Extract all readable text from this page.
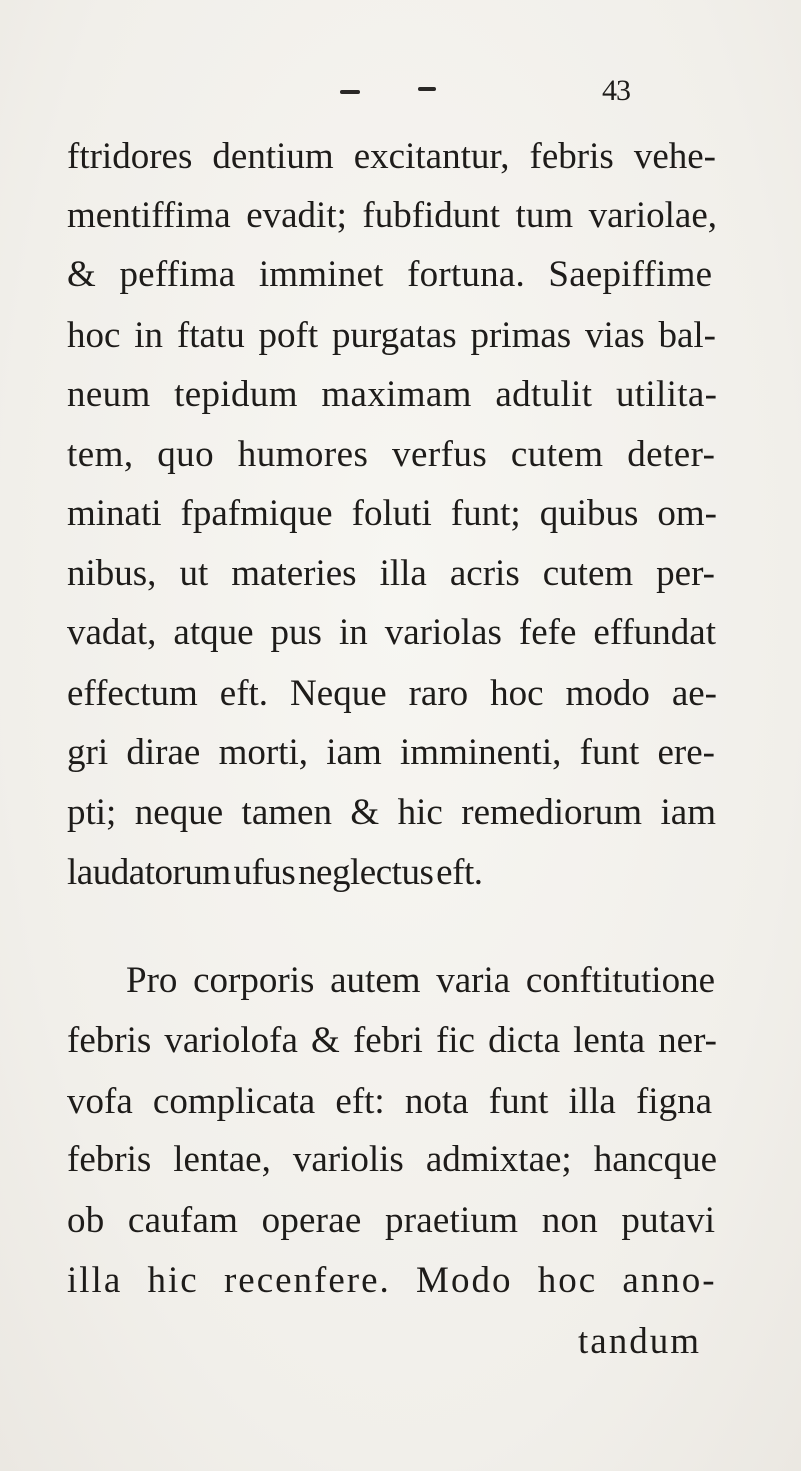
43
ftridores dentium excitantur, febris vehe-
mentiffima evadit; fubfidunt tum variolae,
& peffima imminet fortuna. Saepiffime
hoc in ftatu poft purgatas primas vias bal-
neum tepidum maximam adtulit utilita-
tem, quo humores verfus cutem deter-
minati fpafmique foluti funt; quibus om-
nibus, ut materies illa acris cutem per-
vadat, atque pus in variolas fefe effundat
effectum eft. Neque raro hoc modo ae-
gri dirae morti, iam imminenti, funt ere-
pti; neque tamen & hic remediorum iam
laudatorum ufus neglectus eft.
Pro corporis autem varia conftitutione
febris variolofa & febri fic dicta lenta ner-
vofa complicata eft: nota funt illa figna
febris lentae, variolis admixtae; hancque
ob caufam operae praetium non putavi
illa hic recenfere. Modo hoc anno-
tandum
